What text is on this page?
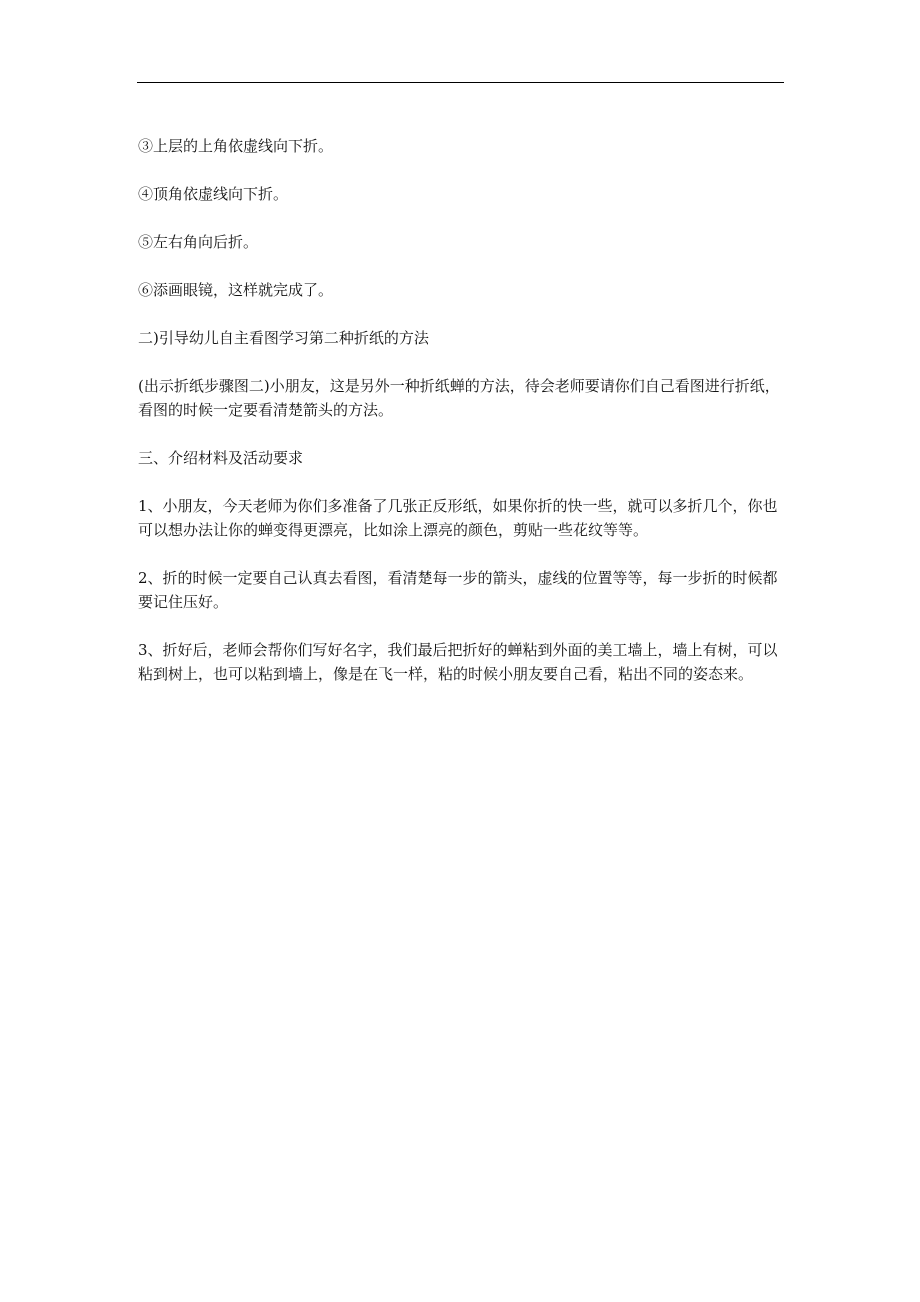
③上层的上角依虚线向下折。

④顶角依虚线向下折。

⑤左右角向后折。

⑥添画眼镜，这样就完成了。

二)引导幼儿自主看图学习第二种折纸的方法

(出示折纸步骤图二)小朋友，这是另外一种折纸蝉的方法，待会老师要请你们自己看图进行折纸，看图的时候一定要看清楚箭头的方法。

三、介绍材料及活动要求

1、小朋友，今天老师为你们多准备了几张正反形纸，如果你折的快一些，就可以多折几个，你也可以想办法让你的蝉变得更漂亮，比如涂上漂亮的颜色，剪贴一些花纹等等。

2、折的时候一定要自己认真去看图，看清楚每一步的箭头，虚线的位置等等，每一步折的时候都要记住压好。

3、折好后，老师会帮你们写好名字，我们最后把折好的蝉粘到外面的美工墙上，墙上有树，可以粘到树上，也可以粘到墙上，像是在飞一样，粘的时候小朋友要自己看，粘出不同的姿态来。
